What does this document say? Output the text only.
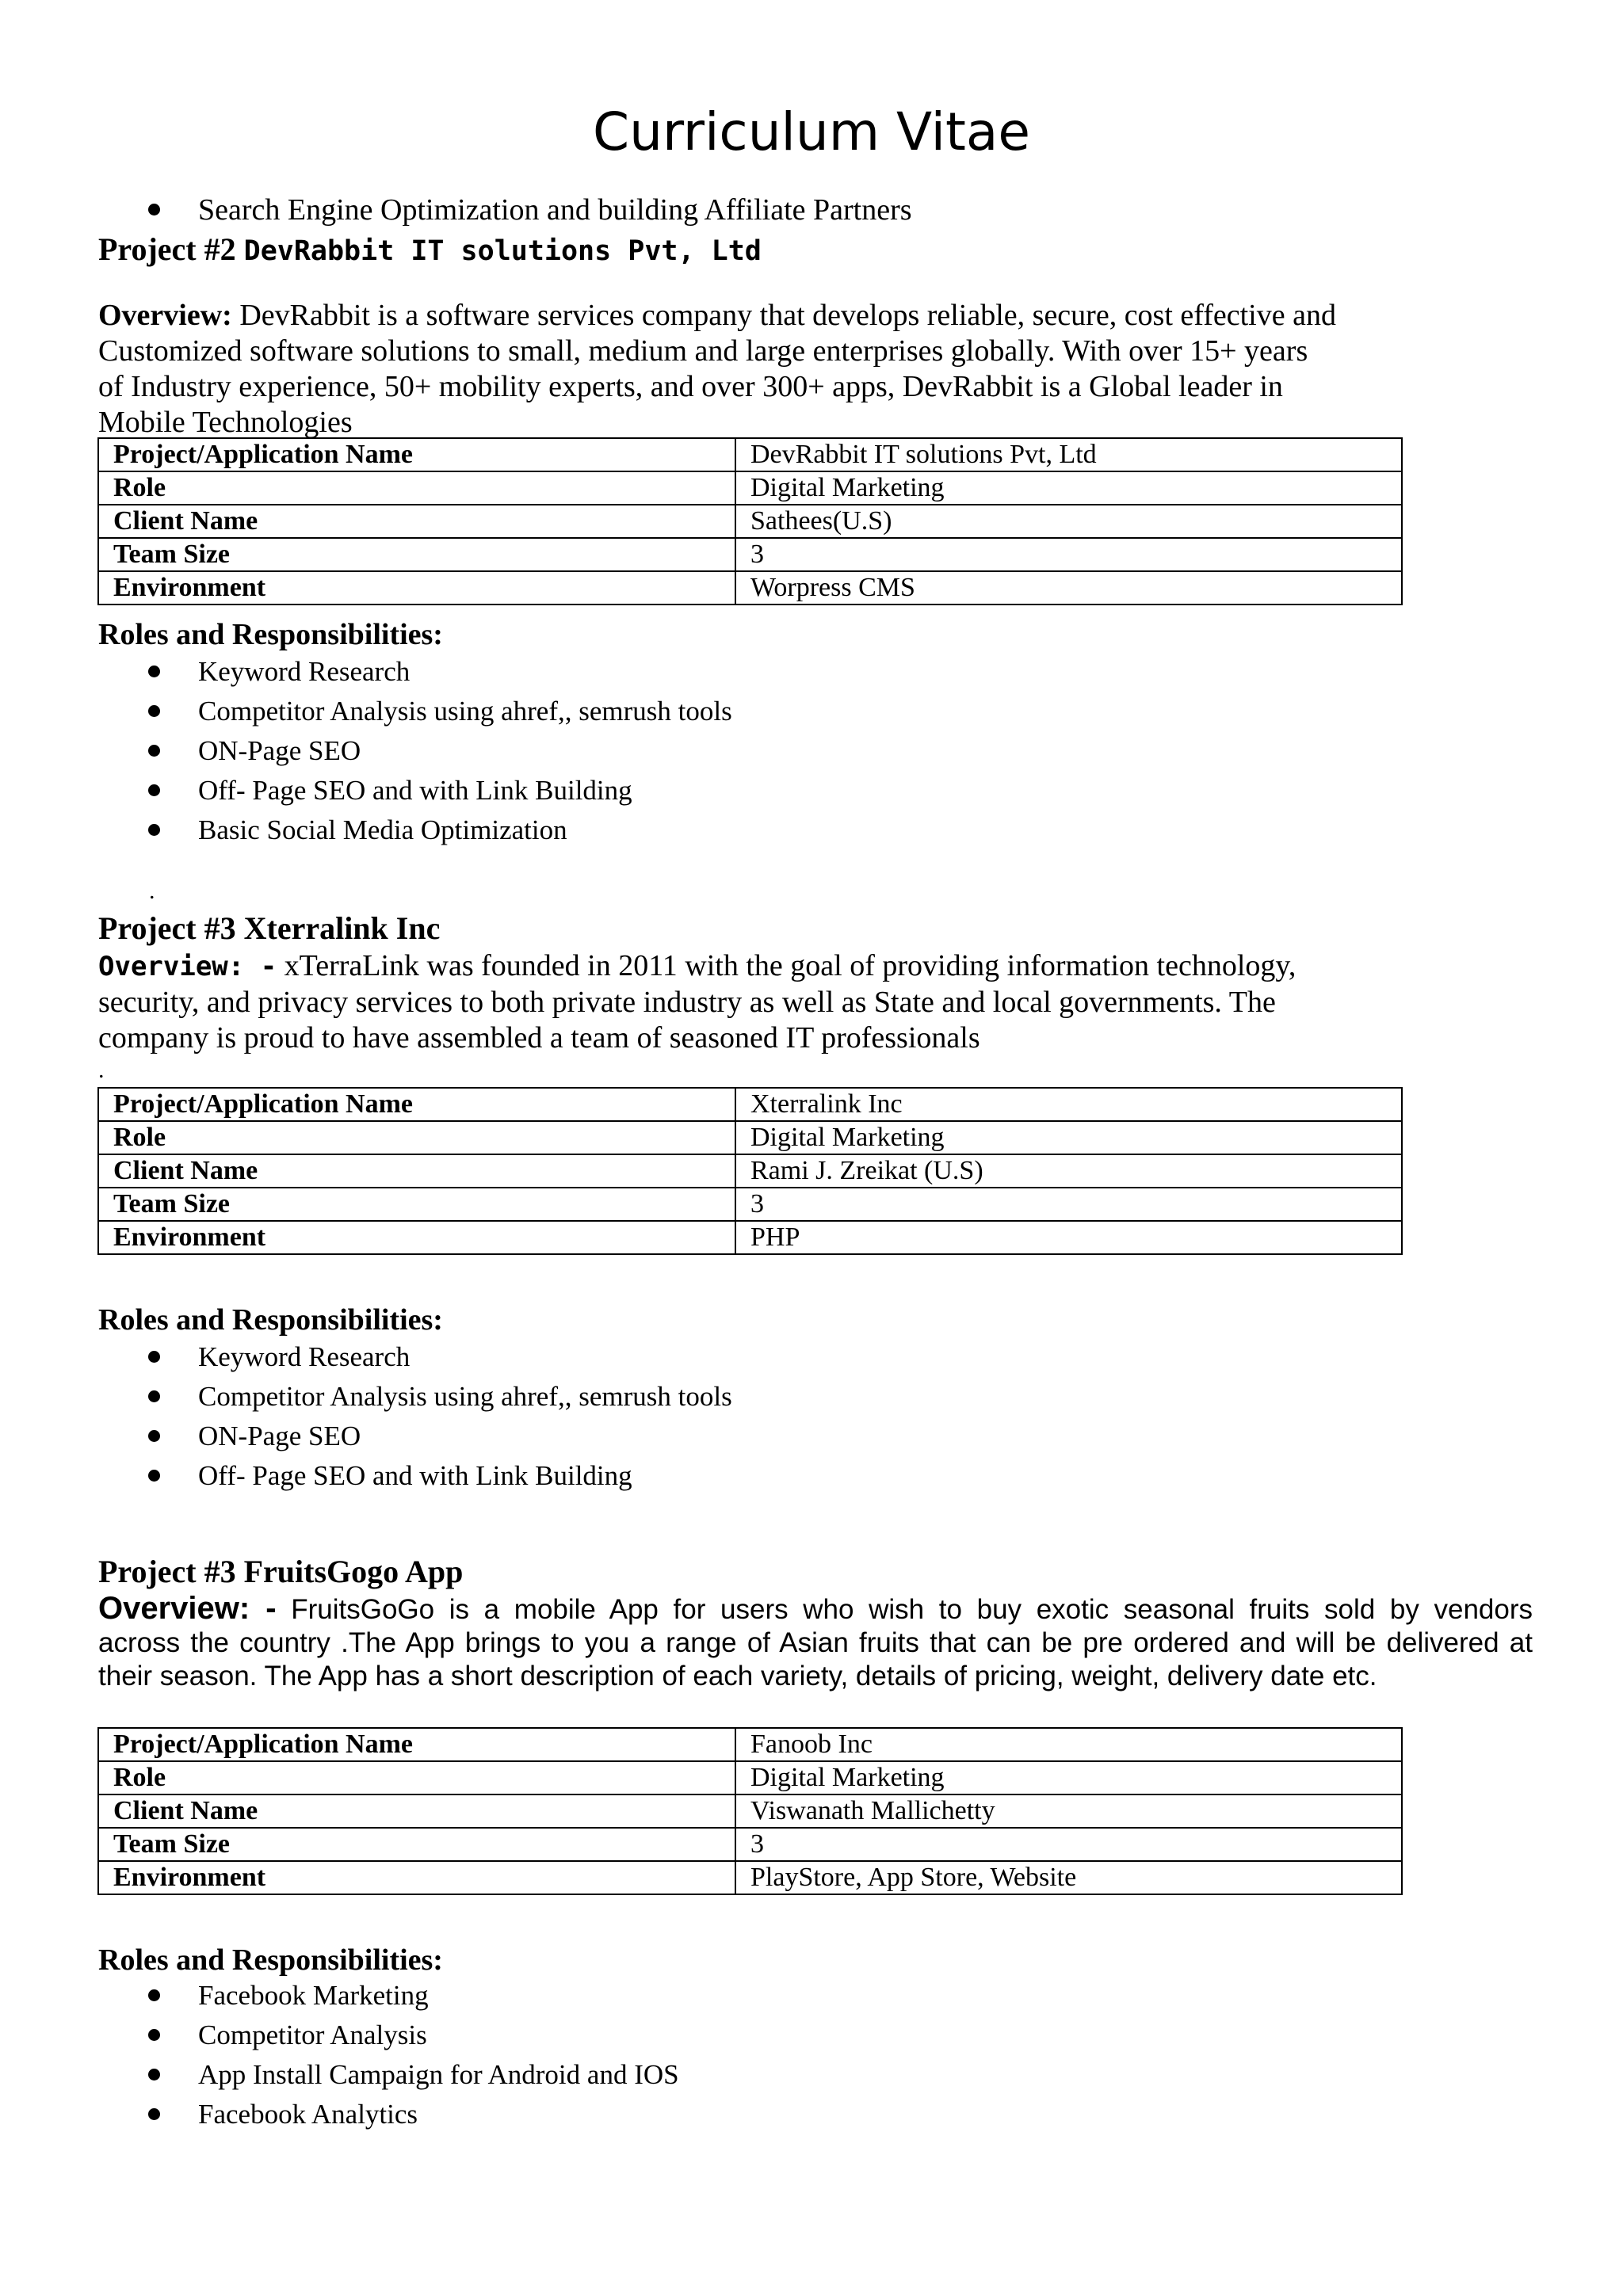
Curriculum Vitae
Search Engine Optimization and building Affiliate Partners
Project #2 DevRabbit IT solutions Pvt, Ltd
Overview: DevRabbit is a software services company that develops reliable, secure, cost effective and
Customized software solutions to small, medium and large enterprises globally. With over 15+ years
of Industry experience, 50+ mobility experts, and over 300+ apps, DevRabbit is a Global leader in
Mobile Technologies
Project/Application Name	DevRabbit IT solutions Pvt, Ltd
Role	Digital Marketing
Client Name	Sathees(U.S)
Team Size	3
Environment	Worpress CMS
Roles and Responsibilities:
Keyword Research
Competitor Analysis using ahref,, semrush tools
ON-Page SEO
Off- Page SEO and with Link Building
Basic Social Media Optimization
.
Project #3 Xterralink Inc
Overview: - xTerraLink was founded in 2011 with the goal of providing information technology,
security, and privacy services to both private industry as well as State and local governments. The
company is proud to have assembled a team of seasoned IT professionals
.
Project/Application Name	Xterralink Inc
Role	Digital Marketing
Client Name	Rami J. Zreikat (U.S)
Team Size	3
Environment	PHP
Roles and Responsibilities:
Keyword Research
Competitor Analysis using ahref,, semrush tools
ON-Page SEO
Off- Page SEO and with Link Building
Project #3 FruitsGogo App
Overview: - FruitsGoGo is a mobile App for users who wish to buy exotic seasonal fruits sold by vendors
across the country .The App brings to you a range of Asian fruits that can be pre ordered and will be delivered at
their season. The App has a short description of each variety, details of pricing, weight, delivery date etc.
Project/Application Name	Fanoob Inc
Role	Digital Marketing
Client Name	Viswanath Mallichetty
Team Size	3
Environment	PlayStore, App Store, Website
Roles and Responsibilities:
Facebook Marketing
Competitor Analysis
App Install Campaign for Android and IOS
Facebook Analytics
